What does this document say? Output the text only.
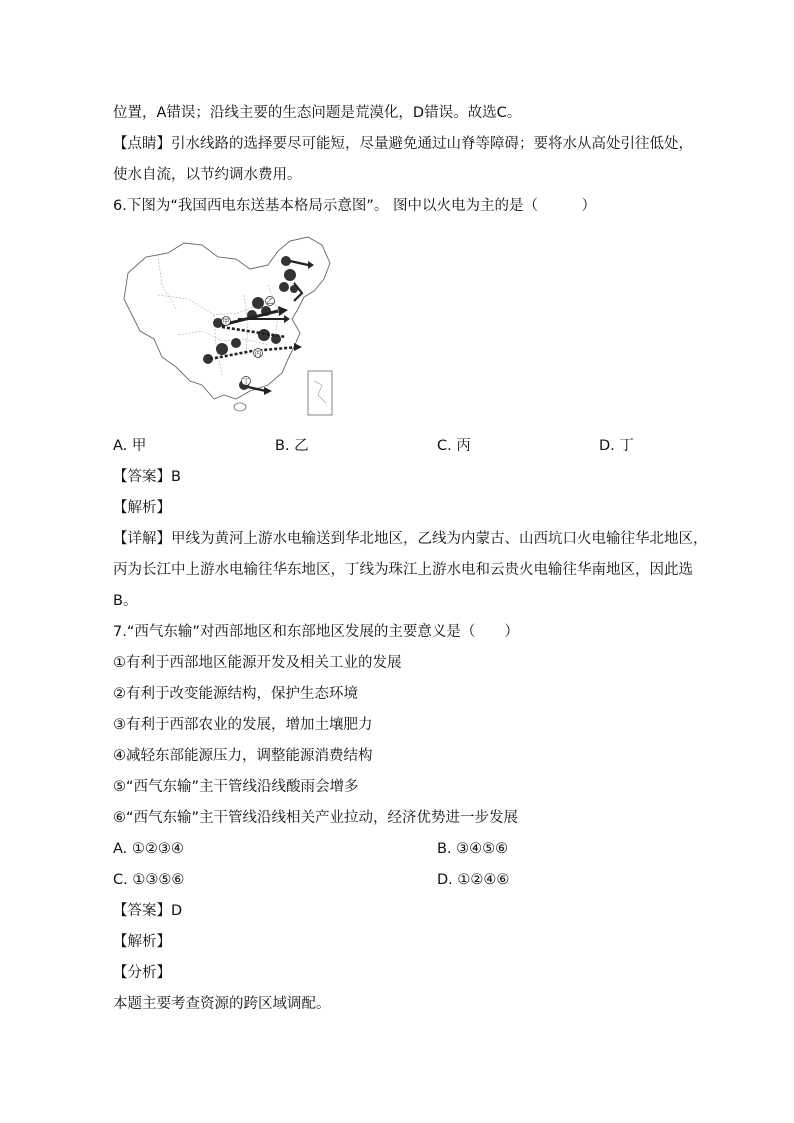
位置，A错误；沿线主要的生态问题是荒漠化，D错误。故选C。
【点睛】引水线路的选择要尽可能短，尽量避免通过山脊等障碍；要将水从高处引往低处，
使水自流，以节约调水费用。
6.下图为“我国西电东送基本格局示意图”。 图中以火电为主的是（　　　）
甲
乙
丙
丁
A. 甲	B. 乙	C. 丙	D. 丁
【答案】B
【解析】
【详解】甲线为黄河上游水电输送到华北地区，乙线为内蒙古、山西坑口火电输往华北地区，
丙为长江中上游水电输往华东地区，丁线为珠江上游水电和云贵火电输往华南地区，因此选
B。
7.“西气东输”对西部地区和东部地区发展的主要意义是（　　）
①有利于西部地区能源开发及相关工业的发展
②有利于改变能源结构，保护生态环境
③有利于西部农业的发展，增加土壤肥力
④减轻东部能源压力，调整能源消费结构
⑤“西气东输”主干管线沿线酸雨会增多
⑥“西气东输”主干管线沿线相关产业拉动，经济优势进一步发展
A. ①②③④	B. ③④⑤⑥
C. ①③⑤⑥	D. ①②④⑥
【答案】D
【解析】
【分析】
本题主要考查资源的跨区域调配。
